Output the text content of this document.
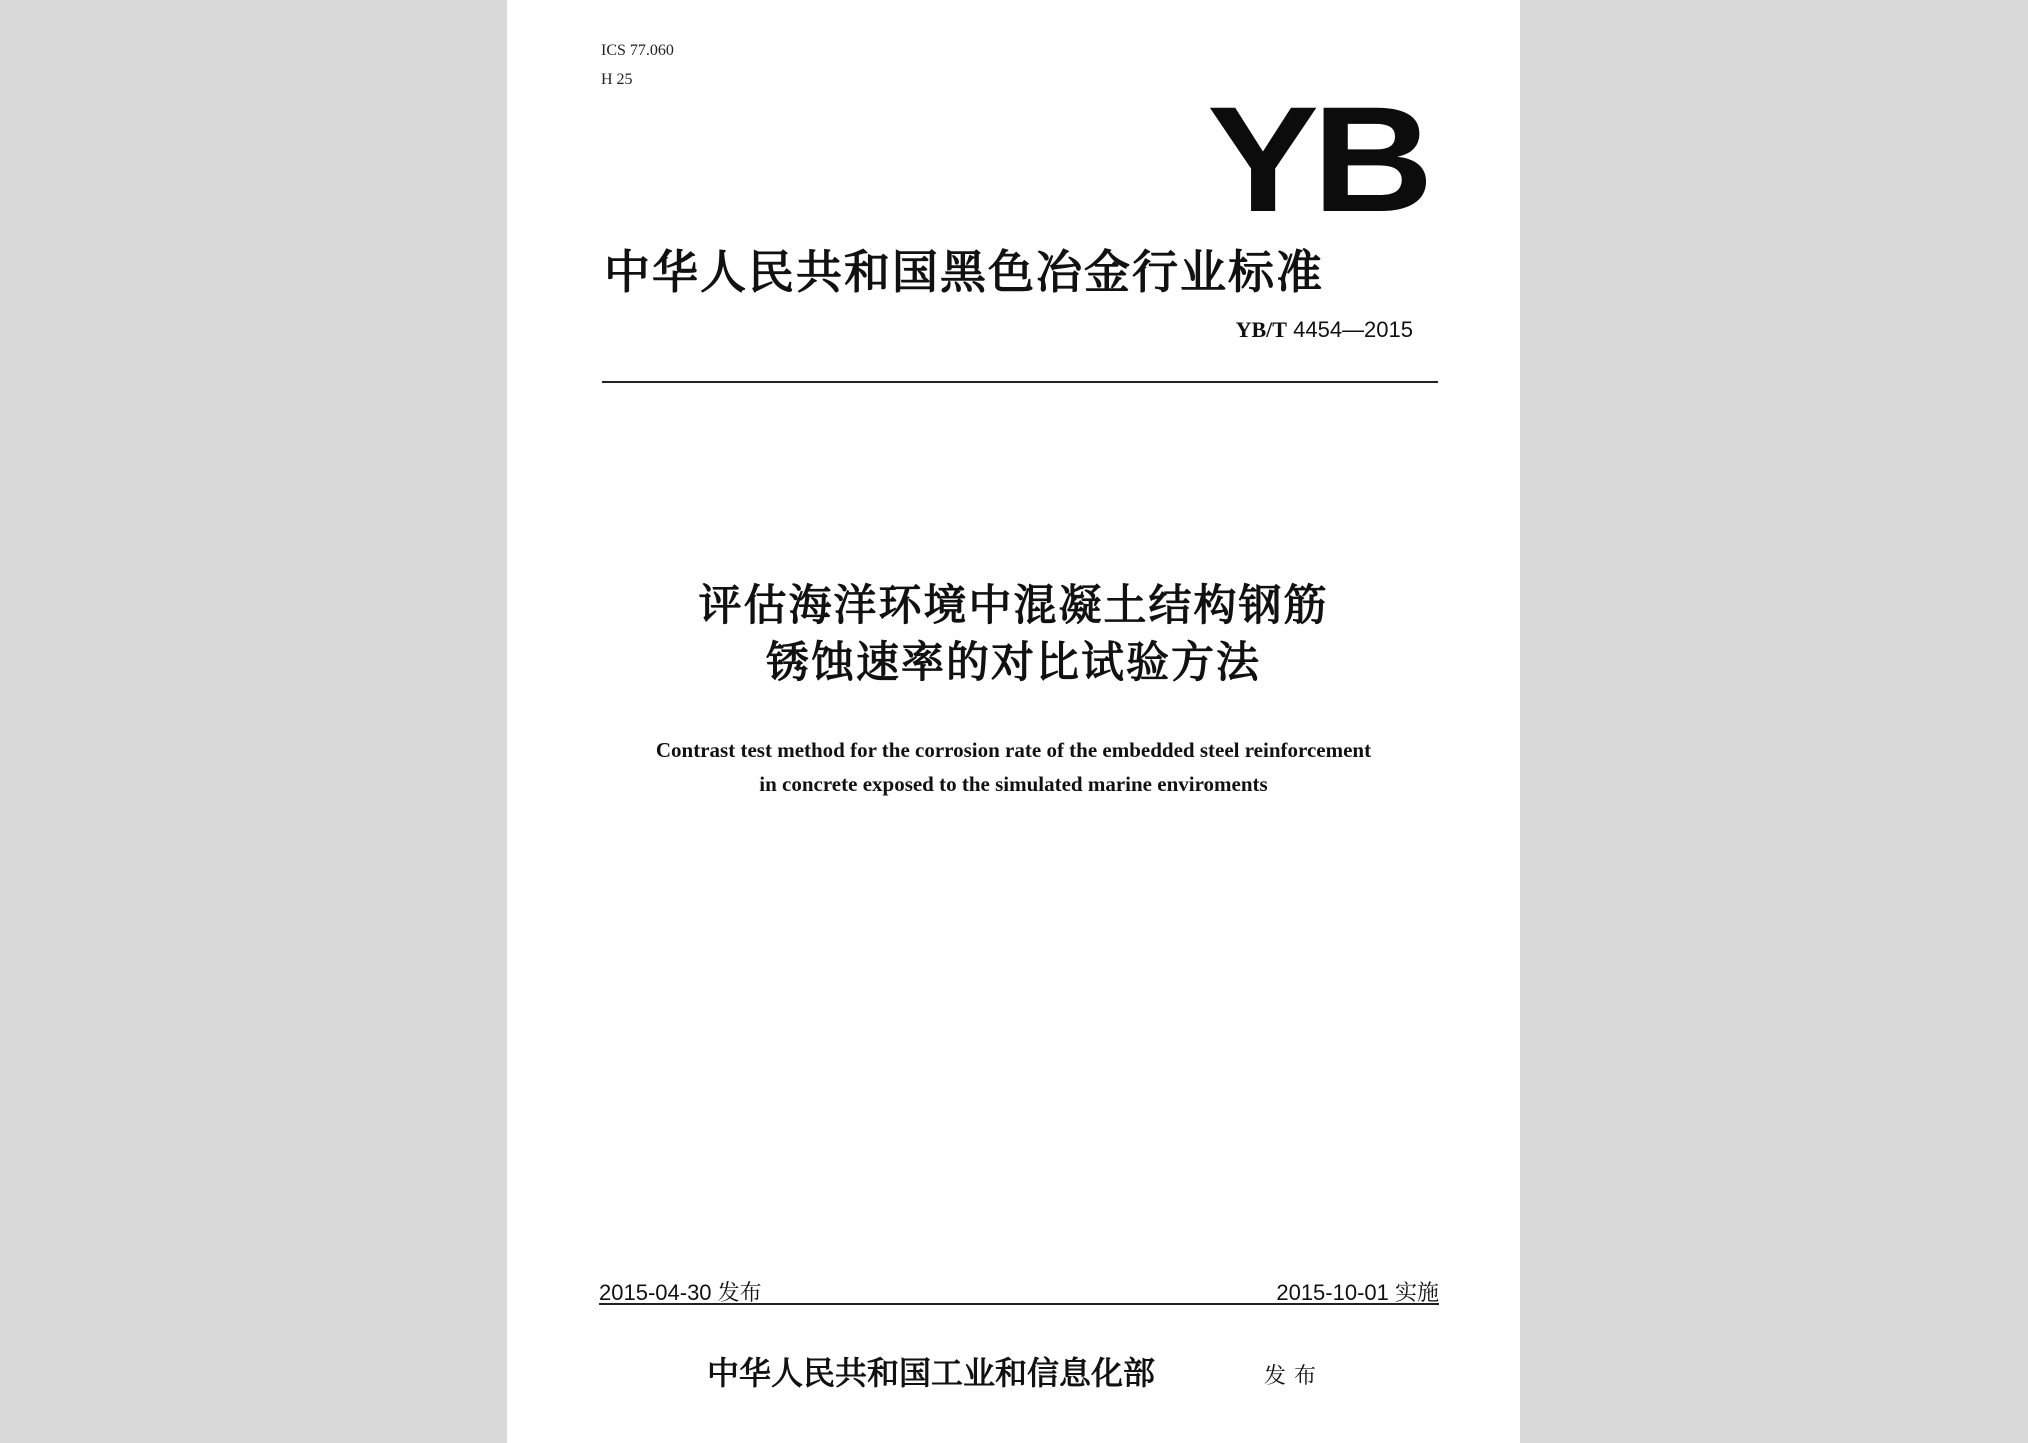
ICS 77.060
H 25	YB
中华人民共和国黑色冶金行业标准
YB/T 4454—2015
评估海洋环境中混凝土结构钢筋
锈蚀速率的对比试验方法
Contrast test method for the corrosion rate of the embedded steel reinforcement
in concrete exposed to the simulated marine enviroments
2015-04-30 发布	2015-10-01 实施
中华人民共和国工业和信息化部	发布
